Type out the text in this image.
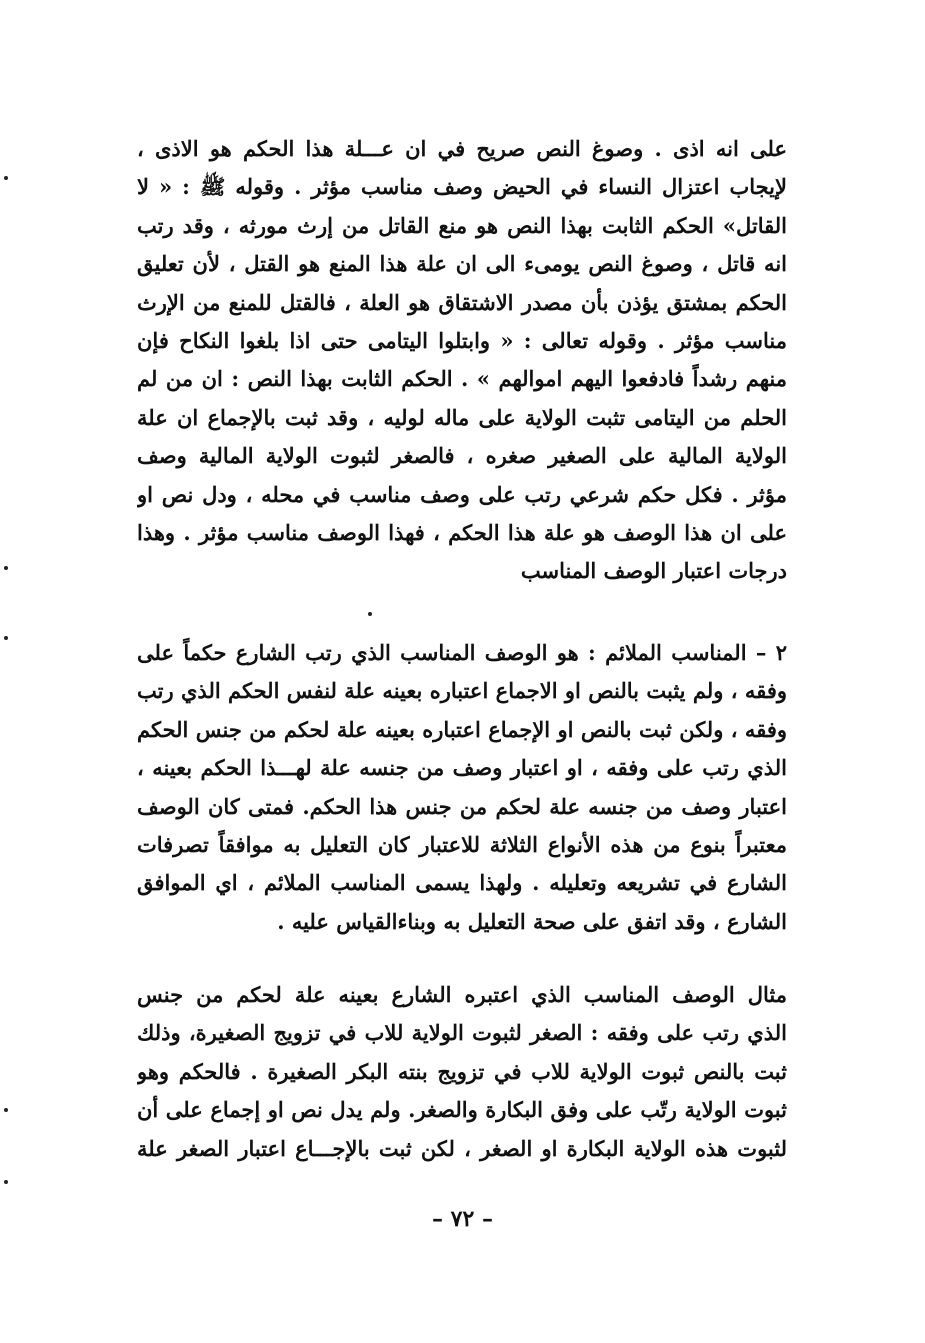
على انه اذى . وصوغ النص صريح في ان عـــلة هذا الحكم هو الاذى ،
لإيجاب اعتزال النساء في الحيض وصف مناسب مؤثر . وقوله ﷺ : « لا
القاتل» الحكم الثابت بهذا النص هو منع القاتل من إرث مورثه ، وقد رتب
انه قاتل ، وصوغ النص يومىء الى ان علة هذا المنع هو القتل ، لأن تعليق
الحكم بمشتق يؤذن بأن مصدر الاشتقاق هو العلة ، فالقتل للمنع من الإرث
مناسب مؤثر . وقوله تعالى : « وابتلوا اليتامى حتى اذا بلغوا النكاح فإن
منهم رشداً فادفعوا اليهم اموالهم » . الحكم الثابت بهذا النص : ان من لم
الحلم من اليتامى تثبت الولاية على ماله لوليه ، وقد ثبت بالإجماع ان علة
الولاية المالية على الصغير صغره ، فالصغر لثبوت الولاية المالية وصف
مؤثر . فكل حكم شرعي رتب على وصف مناسب في محله ، ودل نص او
على ان هذا الوصف هو علة هذا الحكم ، فهذا الوصف مناسب مؤثر . وهذا
درجات اعتبار الوصف المناسب
٢ – المناسب الملائم : هو الوصف المناسب الذي رتب الشارع حكماً على
وفقه ، ولم يثبت بالنص او الاجماع اعتباره بعينه علة لنفس الحكم الذي رتب
وفقه ، ولكن ثبت بالنص او الإجماع اعتباره بعينه علة لحكم من جنس الحكم
الذي رتب على وفقه ، او اعتبار وصف من جنسه علة لهـــذا الحكم بعينه ،
اعتبار وصف من جنسه علة لحكم من جنس هذا الحكم. فمتى كان الوصف
معتبراً بنوع من هذه الأنواع الثلاثة للاعتبار كان التعليل به موافقاً تصرفات
الشارع في تشريعه وتعليله . ولهذا يسمى المناسب الملائم ، اي الموافق
الشارع ، وقد اتفق على صحة التعليل به وبناءالقياس عليه .
مثال الوصف المناسب الذي اعتبره الشارع بعينه علة لحكم من جنس
الذي رتب على وفقه : الصغر لثبوت الولاية للاب في تزويج الصغيرة، وذلك
ثبت بالنص ثبوت الولاية للاب في تزويج بنته البكر الصغيرة . فالحكم وهو
ثبوت الولاية رتّب على وفق البكارة والصغر. ولم يدل نص او إجماع على أن
لثبوت هذه الولاية البكارة او الصغر ، لكن ثبت بالإجـــاع اعتبار الصغر علة
– ٧٢ –
